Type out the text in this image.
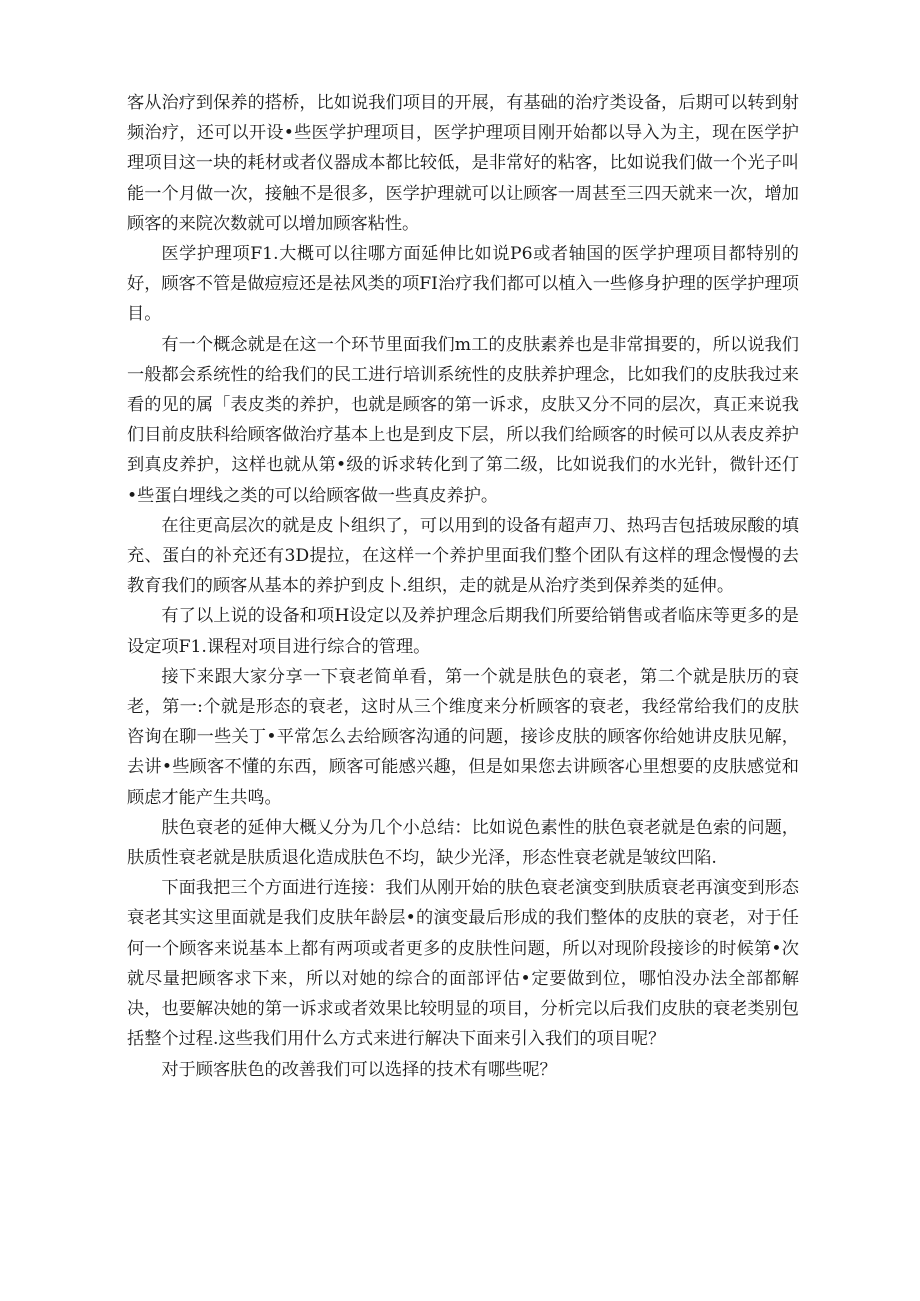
客从治疗到保养的搭桥，比如说我们项目的开展，有基础的治疗类设备，后期可以转到射频治疗，还可以开设•些医学护理项目，医学护理项目刚开始都以导入为主，现在医学护理项目这一块的耗材或者仪器成本都比较低，是非常好的粘客，比如说我们做一个光子叫能一个月做一次，接触不是很多，医学护理就可以让顾客一周甚至三四天就来一次，增加顾客的来院次数就可以增加顾客粘性。

医学护理项F1.大概可以往哪方面延伸比如说P6或者轴国的医学护理项目都特别的好，顾客不管是做痘痘还是祛风类的项FI治疗我们都可以植入一些修身护理的医学护理项目。

有一个概念就是在这一个环节里面我们m工的皮肤素养也是非常揖要的，所以说我们一般都会系统性的给我们的民工进行培训系统性的皮肤养护理念，比如我们的皮肤我过来看的见的属「表皮类的养护，也就是顾客的第一诉求，皮肤又分不同的层次，真正来说我们目前皮肤科给顾客做治疗基本上也是到皮下层，所以我们给顾客的时候可以从表皮养护到真皮养护，这样也就从第•级的诉求转化到了第二级，比如说我们的水光针，微针还仃•些蛋白埋线之类的可以给顾客做一些真皮养护。

在往更高层次的就是皮卜组织了，可以用到的设备有超声刀、热玛吉包括玻尿酸的填充、蛋白的补充还有3D提拉，在这样一个养护里面我们整个团队有这样的理念慢慢的去教育我们的顾客从基本的养护到皮卜.组织，走的就是从治疗类到保养类的延伸。

有了以上说的设备和项H设定以及养护理念后期我们所要给销售或者临床等更多的是设定项F1.课程对项目进行综合的管理。

接下来跟大家分享一下衰老简单看，第一个就是肤色的衰老，第二个就是肤历的衰老，第一:个就是形态的衰老，这时从三个维度来分析顾客的衰老，我经常给我们的皮肤咨询在聊一些关丁•平常怎么去给顾客沟通的问题，接诊皮肤的顾客你给她讲皮肤见解，去讲•些顾客不懂的东西，顾客可能感兴趣，但是如果您去讲顾客心里想要的皮肤感觉和顾虑才能产生共鸣。

肤色衰老的延伸大概乂分为几个小总结：比如说色素性的肤色衰老就是色索的问题，肤质性衰老就是肤质退化造成肤色不均，缺少光泽，形态性衰老就是皱纹凹陷.

下面我把三个方面进行连接：我们从刚开始的肤色衰老演变到肤质衰老再演变到形态衰老其实这里面就是我们皮肤年龄层•的演变最后形成的我们整体的皮肤的衰老，对于任何一个顾客来说基本上都有两项或者更多的皮肤性问题，所以对现阶段接诊的时候第•次就尽量把顾客求下来，所以对她的综合的面部评估•定要做到位，哪怕没办法全部都解决，也要解决她的第一诉求或者效果比较明显的项目，分析完以后我们皮肤的衰老类别包括整个过程.这些我们用什么方式来进行解决下面来引入我们的项目呢？

对于顾客肤色的改善我们可以选择的技术有哪些呢？
